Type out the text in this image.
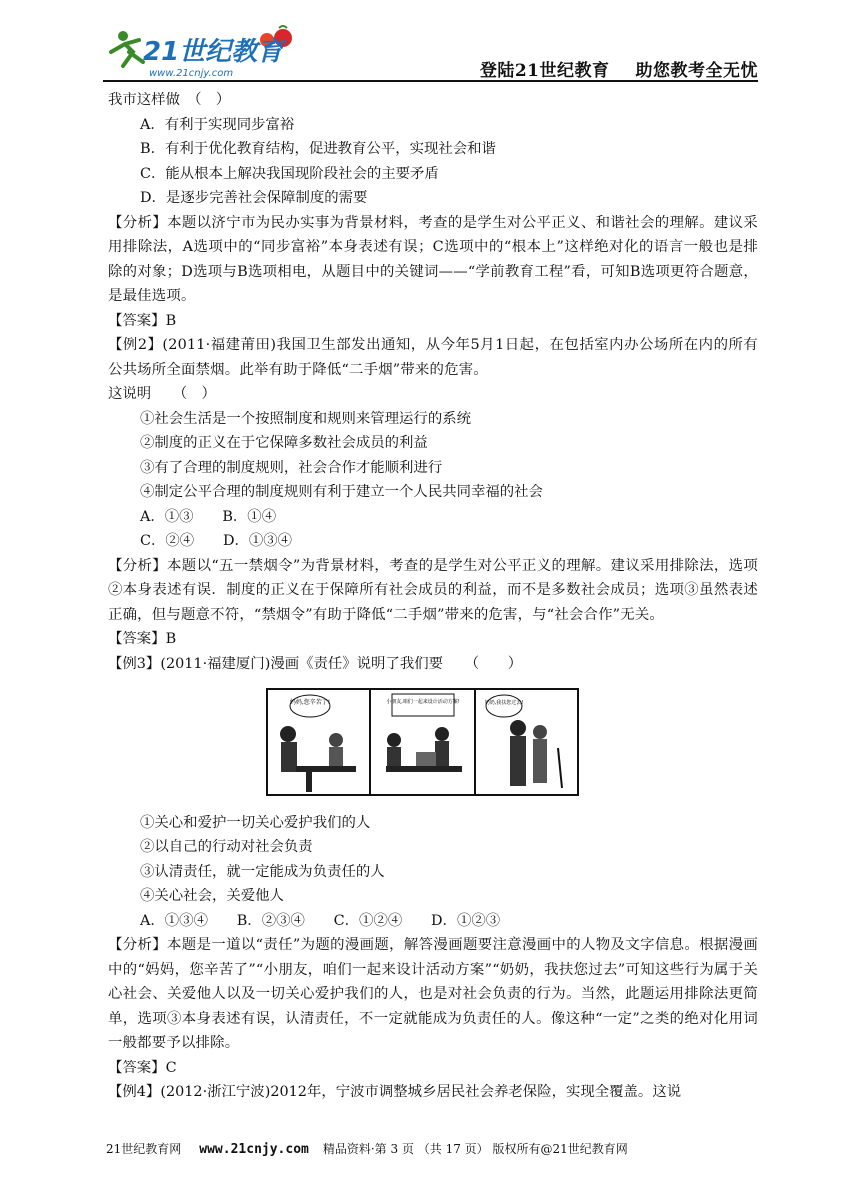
21世纪教育
www.21cnjy.com	登陆21世纪教育 助您教考全无忧

我市这样做　（　）

A．有利于实现同步富裕

B．有利于优化教育结构，促进教育公平，实现社会和谐

C．能从根本上解决我国现阶段社会的主要矛盾

D．是逐步完善社会保障制度的需要

【分析】本题以济宁市为民办实事为背景材料，考查的是学生对公平正义、和谐社会的理解。建议采用排除法，A选项中的“同步富裕”本身表述有误；C选项中的“根本上”这样绝对化的语言一般也是排除的对象；D选项与B选项相电，从题目中的关键词——“学前教育工程”看，可知B选项更符合题意，是最佳选项。

【答案】B

【例2】(2011·福建莆田)我国卫生部发出通知，从今年5月1日起，在包括室内办公场所在内的所有公共场所全面禁烟。此举有助于降低“二手烟”带来的危害。

这说明　　（　）

①社会生活是一个按照制度和规则来管理运行的系统

②制度的正义在于它保障多数社会成员的利益

③有了合理的制度规则，社会合作才能顺利进行

④制定公平合理的制度规则有利于建立一个人民共同幸福的社会

A．①③　　B．①④

C．②④　　D．①③④

【分析】本题以“五一禁烟令”为背景材料，考查的是学生对公平正义的理解。建议采用排除法，选项②本身表述有误．制度的正义在于保障所有社会成员的利益，而不是多数社会成员；选项③虽然表述正确，但与题意不符，“禁烟令”有助于降低“二手烟”带来的危害，与“社会合作”无关。

【答案】B

【例3】(2011·福建厦门)漫画《责任》说明了我们要　　（　　）

妈妈,您辛苦了!	小朋友,咱们一起来设计活动方案!	奶奶,我扶您过去!

①关心和爱护一切关心爱护我们的人

②以自己的行动对社会负责

③认清责任，就一定能成为负责任的人

④关心社会，关爱他人

A．①③④　　B．②③④　　C．①②④　　D．①②③

【分析】本题是一道以“责任”为题的漫画题，解答漫画题要注意漫画中的人物及文字信息。根据漫画中的“妈妈，您辛苦了”“小朋友，咱们一起来设计活动方案”“奶奶，我扶您过去”可知这些行为属于关心社会、关爱他人以及一切关心爱护我们的人，也是对社会负责的行为。当然，此题运用排除法更简单，选项③本身表述有误，认清责任，不一定就能成为负责任的人。像这种“一定”之类的绝对化用词一般都要予以排除。

【答案】C

【例4】(2012·浙江宁波)2012年，宁波市调整城乡居民社会养老保险，实现全覆盖。这说

21世纪教育网 www.21cnjy.com 精品资料·第 3 页 （共 17 页） 版权所有@21世纪教育网
